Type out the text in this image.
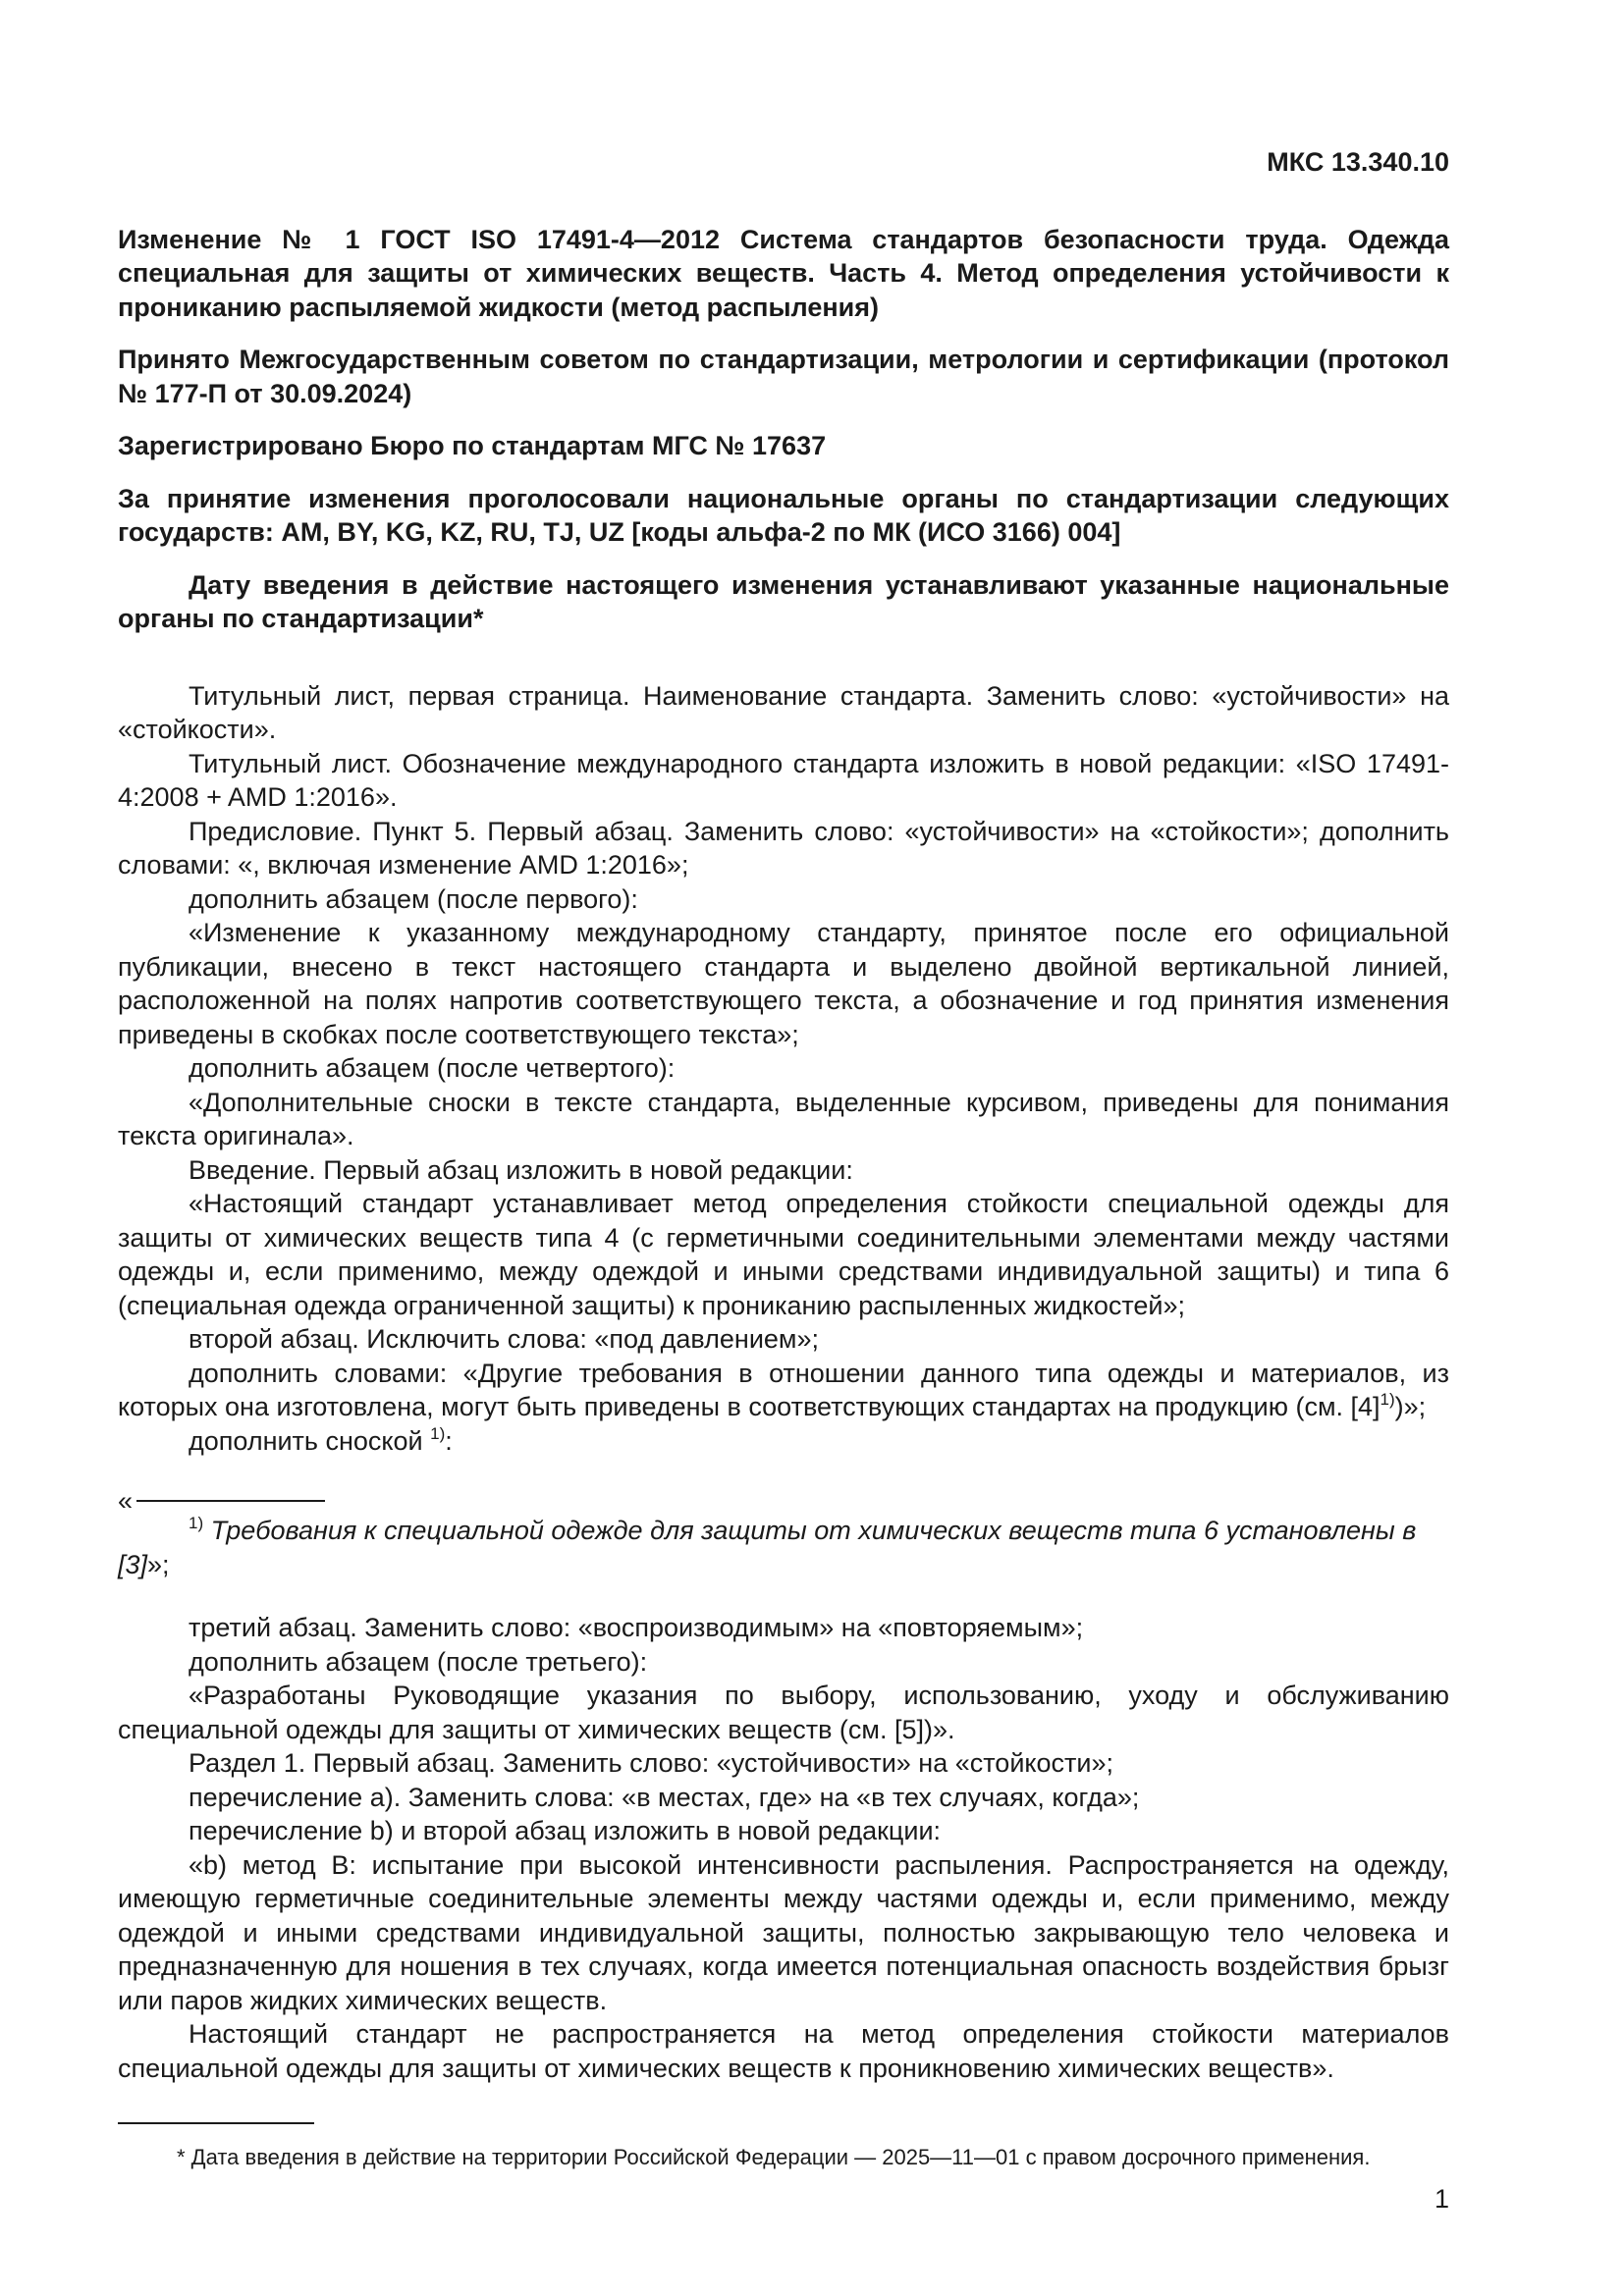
МКС 13.340.10
Изменение № 1 ГОСТ ISO 17491-4—2012 Система стандартов безопасности труда. Одежда специальная для защиты от химических веществ. Часть 4. Метод определения устойчивости к прониканию распыляемой жидкости (метод распыления)
Принято Межгосударственным советом по стандартизации, метрологии и сертификации (протокол № 177-П от 30.09.2024)
Зарегистрировано Бюро по стандартам МГС № 17637
За принятие изменения проголосовали национальные органы по стандартизации следующих государств: AM, BY, KG, KZ, RU, TJ, UZ [коды альфа-2 по МК (ИСО 3166) 004]
Дату введения в действие настоящего изменения устанавливают указанные национальные органы по стандартизации*

Титульный лист, первая страница. Наименование стандарта. Заменить слово: «устойчивости» на «стойкости».

Титульный лист. Обозначение международного стандарта изложить в новой редакции: «ISO 17491-4:2008 + AMD 1:2016».

Предисловие. Пункт 5. Первый абзац. Заменить слово: «устойчивости» на «стойкости»; дополнить словами: «, включая изменение AMD 1:2016»;

дополнить абзацем (после первого):

«Изменение к указанному международному стандарту, принятое после его официальной публикации, внесено в текст настоящего стандарта и выделено двойной вертикальной линией, расположенной на полях напротив соответствующего текста, а обозначение и год принятия изменения приведены в скобках после соответствующего текста»;

дополнить абзацем (после четвертого):

«Дополнительные сноски в тексте стандарта, выделенные курсивом, приведены для понимания текста оригинала».

Введение. Первый абзац изложить в новой редакции:

«Настоящий стандарт устанавливает метод определения стойкости специальной одежды для защиты от химических веществ типа 4 (с герметичными соединительными элементами между частями одежды и, если применимо, между одеждой и иными средствами индивидуальной защиты) и типа 6 (специальная одежда ограниченной защиты) к прониканию распыленных жидкостей»;

второй абзац. Исключить слова: «под давлением»;

дополнить словами: «Другие требования в отношении данного типа одежды и материалов, из которых она изготовлена, могут быть приведены в соответствующих стандартах на продукцию (см. $[4]^{1)}$)»;

дополнить сноской $^{1)}$:

«

$^{1)}$ Требования к специальной одежде для защиты от химических веществ типа 6 установлены в [3]»;

третий абзац. Заменить слово: «воспроизводимым» на «повторяемым»;

дополнить абзацем (после третьего):

«Разработаны Руководящие указания по выбору, использованию, уходу и обслуживанию специальной одежды для защиты от химических веществ (см. [5])».

Раздел 1. Первый абзац. Заменить слово: «устойчивости» на «стойкости»;

перечисление а). Заменить слова: «в местах, где» на «в тех случаях, когда»;

перечисление b) и второй абзац изложить в новой редакции:

«b) метод В: испытание при высокой интенсивности распыления. Распространяется на одежду, имеющую герметичные соединительные элементы между частями одежды и, если применимо, между одеждой и иными средствами индивидуальной защиты, полностью закрывающую тело человека и предназначенную для ношения в тех случаях, когда имеется потенциальная опасность воздействия брызг или паров жидких химических веществ.

Настоящий стандарт не распространяется на метод определения стойкости материалов специальной одежды для защиты от химических веществ к проникновению химических веществ».

* Дата введения в действие на территории Российской Федерации — 2025—11—01 с правом досрочного применения.

1
